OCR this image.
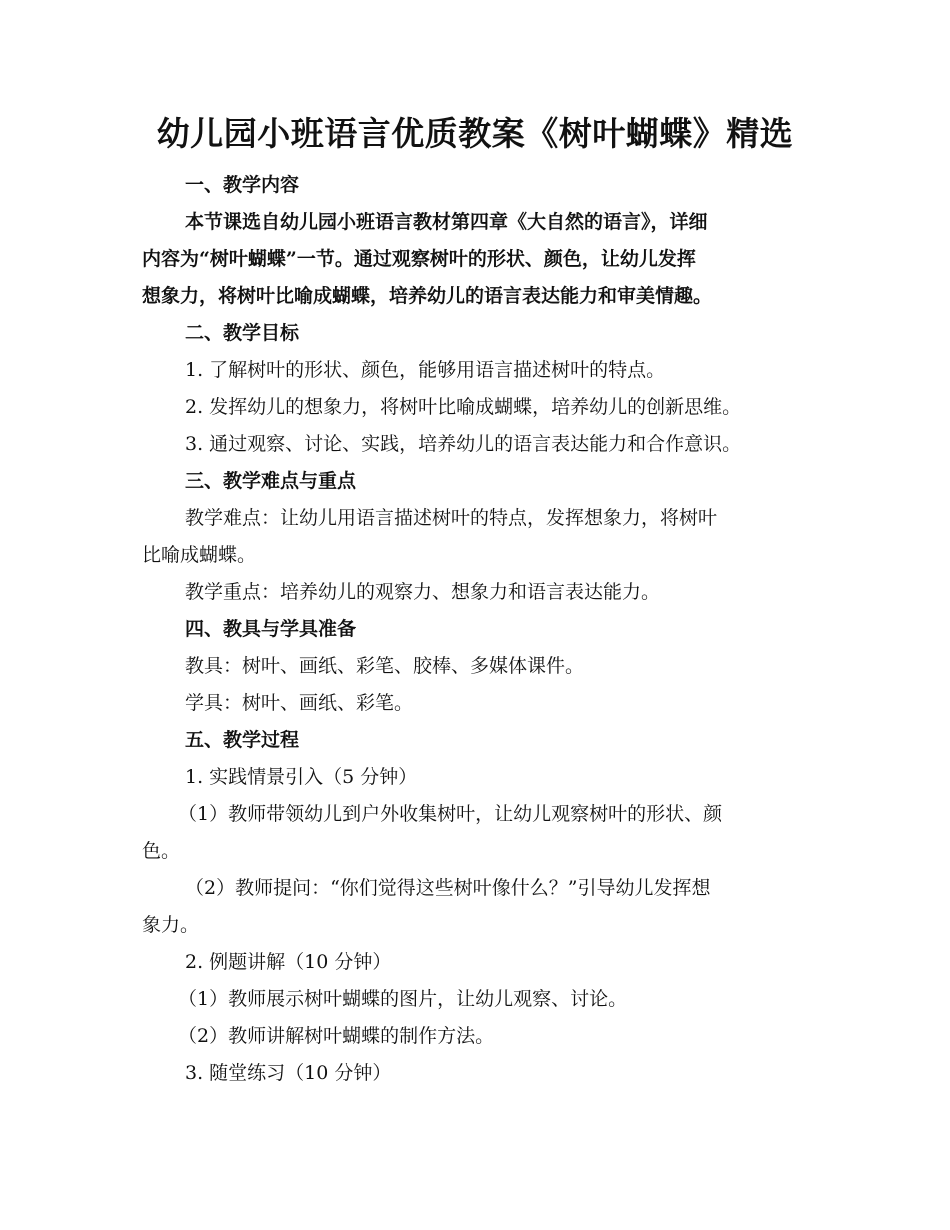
幼儿园小班语言优质教案《树叶蝴蝶》精选
一、教学内容
本节课选自幼儿园小班语言教材第四章《大自然的语言》，详细
内容为“树叶蝴蝶”一节。通过观察树叶的形状、颜色，让幼儿发挥
想象力，将树叶比喻成蝴蝶，培养幼儿的语言表达能力和审美情趣。
二、教学目标
1. 了解树叶的形状、颜色，能够用语言描述树叶的特点。
2. 发挥幼儿的想象力，将树叶比喻成蝴蝶，培养幼儿的创新思维。
3. 通过观察、讨论、实践，培养幼儿的语言表达能力和合作意识。
三、教学难点与重点
教学难点：让幼儿用语言描述树叶的特点，发挥想象力，将树叶
比喻成蝴蝶。
教学重点：培养幼儿的观察力、想象力和语言表达能力。
四、教具与学具准备
教具：树叶、画纸、彩笔、胶棒、多媒体课件。
学具：树叶、画纸、彩笔。
五、教学过程
1. 实践情景引入（5 分钟）
（1）教师带领幼儿到户外收集树叶，让幼儿观察树叶的形状、颜
色。
（2）教师提问：“你们觉得这些树叶像什么？”引导幼儿发挥想
象力。
2. 例题讲解（10 分钟）
（1）教师展示树叶蝴蝶的图片，让幼儿观察、讨论。
（2）教师讲解树叶蝴蝶的制作方法。
3. 随堂练习（10 分钟）
